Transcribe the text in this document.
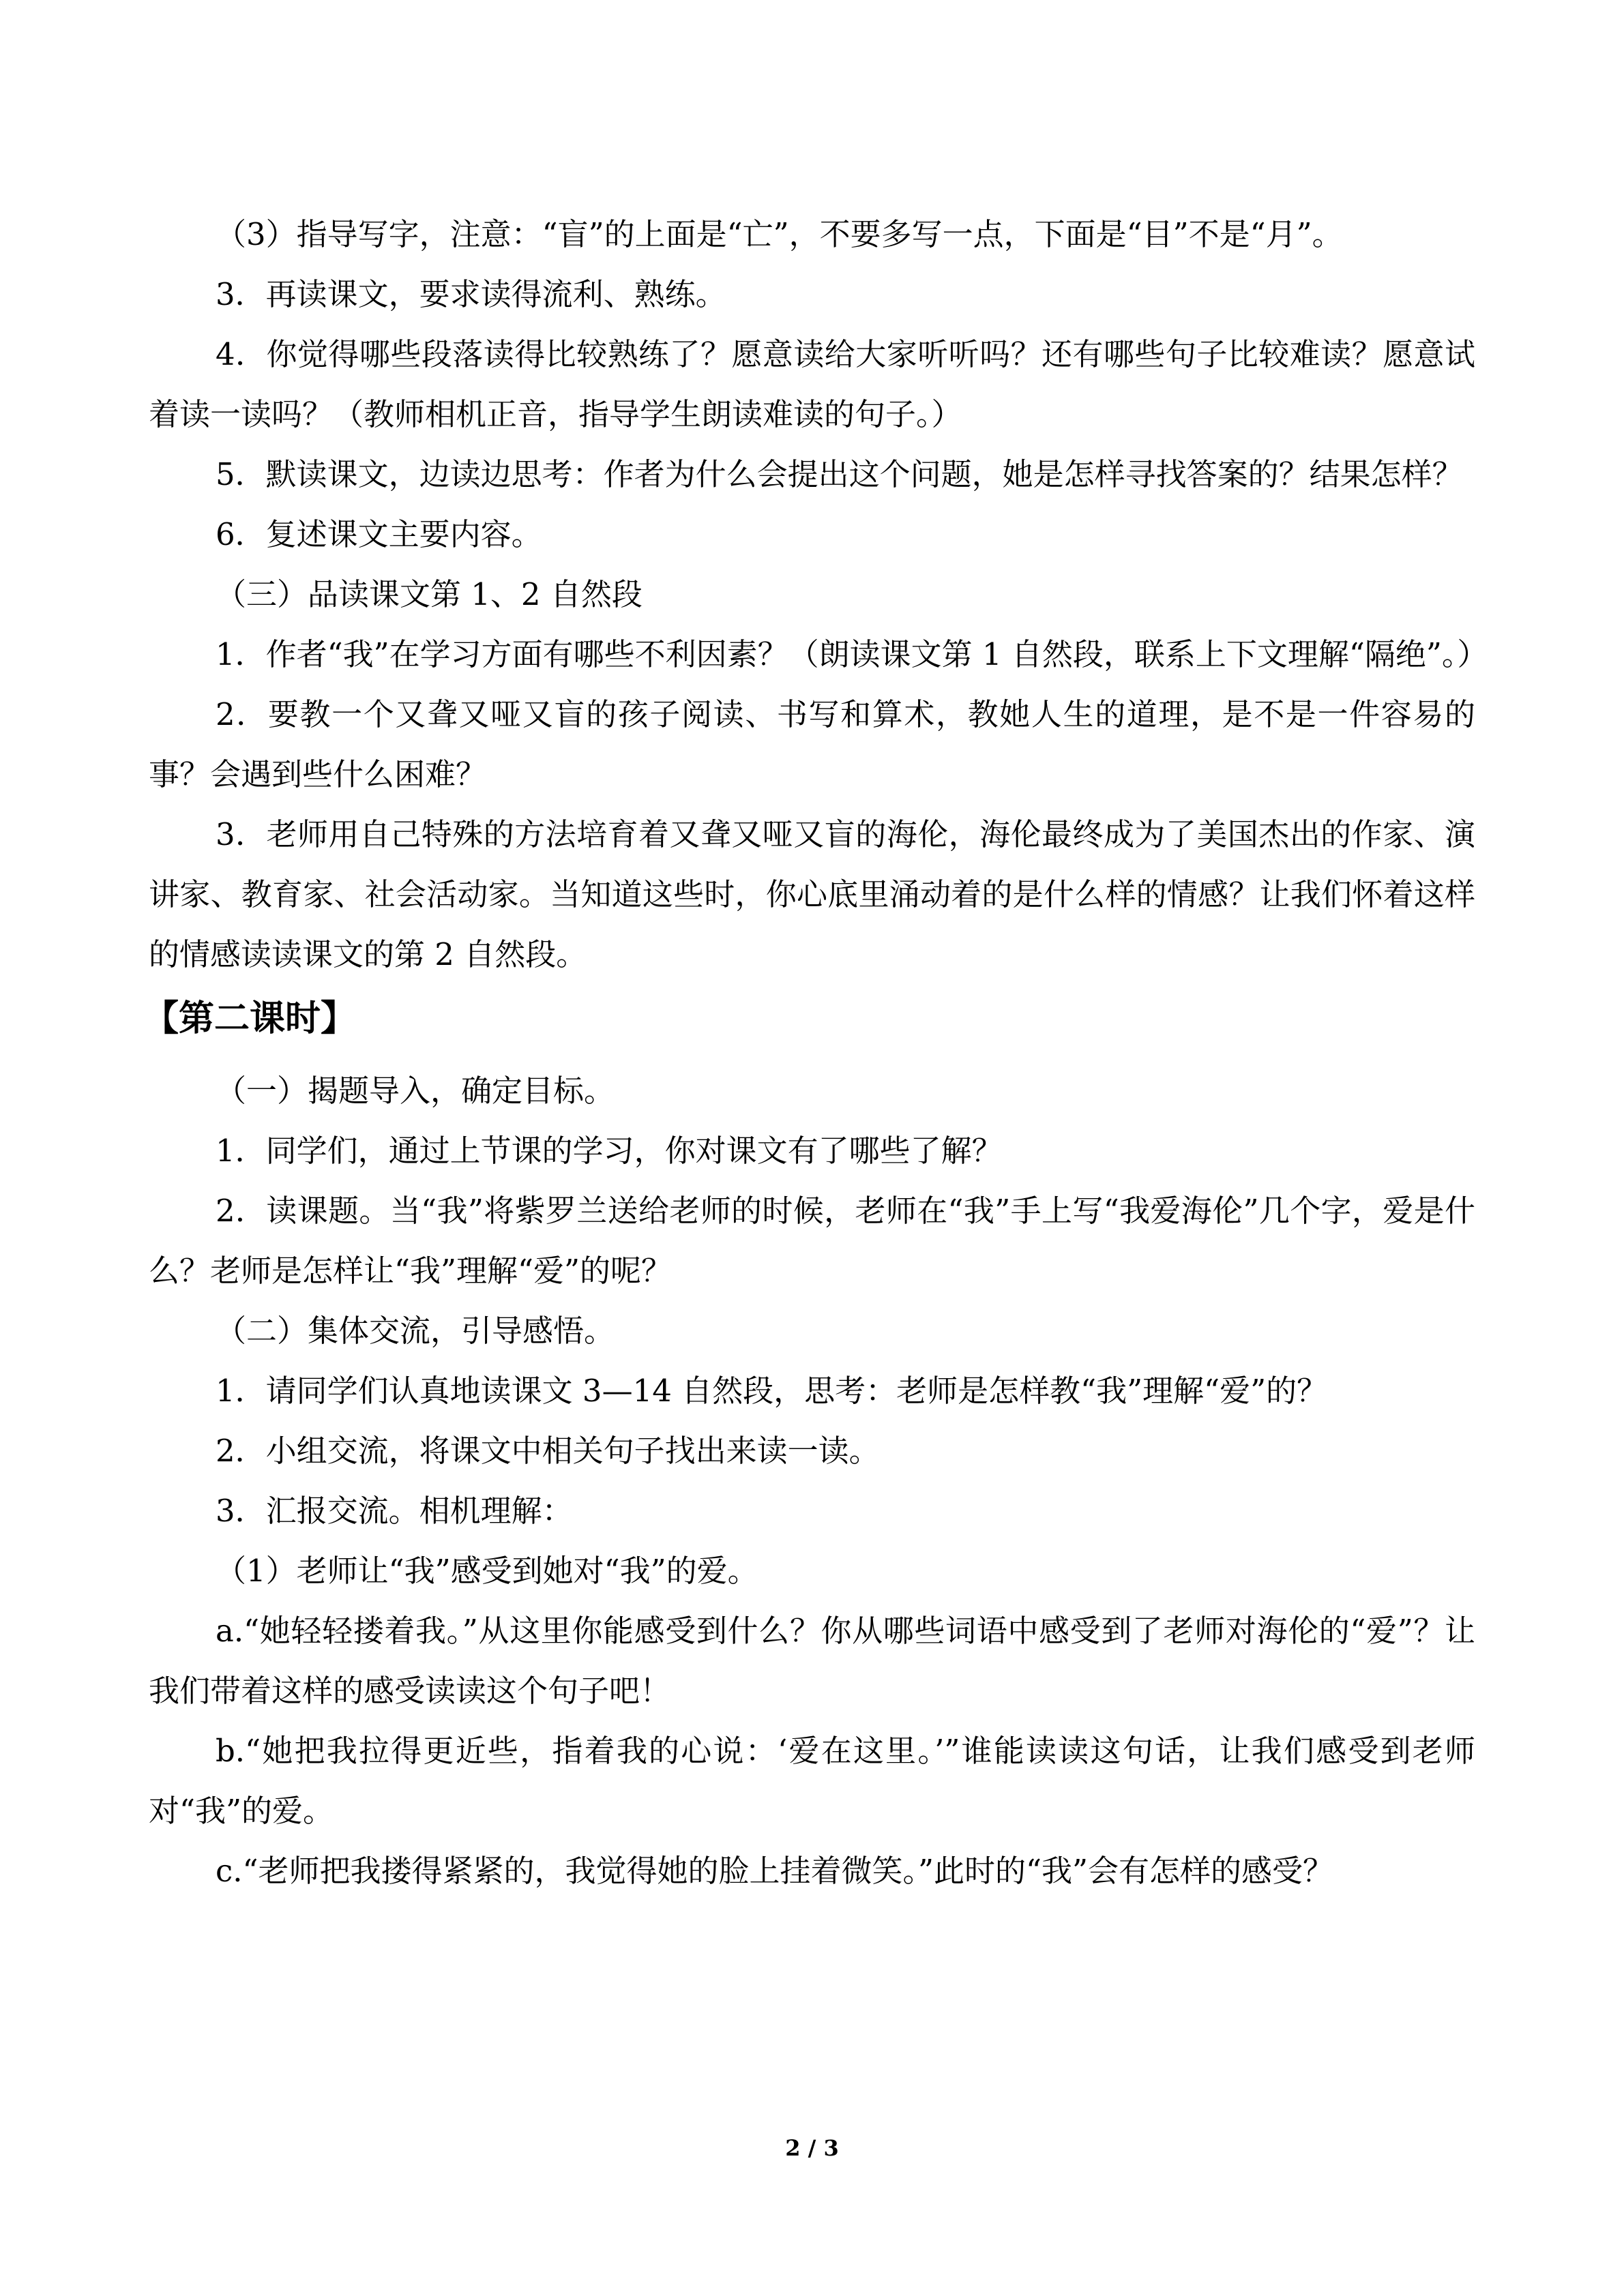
（3）指导写字，注意：“盲”的上面是“亡”，不要多写一点，下面是“目”不是“月”。

3．再读课文，要求读得流利、熟练。

4．你觉得哪些段落读得比较熟练了？愿意读给大家听听吗？还有哪些句子比较难读？愿意试着读一读吗？（教师相机正音，指导学生朗读难读的句子。）

5．默读课文，边读边思考：作者为什么会提出这个问题，她是怎样寻找答案的？结果怎样？

6．复述课文主要内容。

（三）品读课文第 1、2 自然段

1．作者“我”在学习方面有哪些不利因素？（朗读课文第 1 自然段，联系上下文理解“隔绝”。）

2．要教一个又聋又哑又盲的孩子阅读、书写和算术，教她人生的道理，是不是一件容易的事？会遇到些什么困难？

3．老师用自己特殊的方法培育着又聋又哑又盲的海伦，海伦最终成为了美国杰出的作家、演讲家、教育家、社会活动家。当知道这些时，你心底里涌动着的是什么样的情感？让我们怀着这样的情感读读课文的第 2 自然段。

【第二课时】

（一）揭题导入，确定目标。

1．同学们，通过上节课的学习，你对课文有了哪些了解？

2．读课题。当“我”将紫罗兰送给老师的时候，老师在“我”手上写“我爱海伦”几个字，爱是什么？老师是怎样让“我”理解“爱”的呢？

（二）集体交流，引导感悟。

1．请同学们认真地读课文 3—14 自然段，思考：老师是怎样教“我”理解“爱”的？

2．小组交流，将课文中相关句子找出来读一读。

3．汇报交流。相机理解：

（1）老师让“我”感受到她对“我”的爱。

a.“她轻轻搂着我。”从这里你能感受到什么？你从哪些词语中感受到了老师对海伦的“爱”？让我们带着这样的感受读读这个句子吧！

b.“她把我拉得更近些，指着我的心说：‘爱在这里。’”谁能读读这句话，让我们感受到老师对“我”的爱。

c.“老师把我搂得紧紧的，我觉得她的脸上挂着微笑。”此时的“我”会有怎样的感受？

2 / 3
